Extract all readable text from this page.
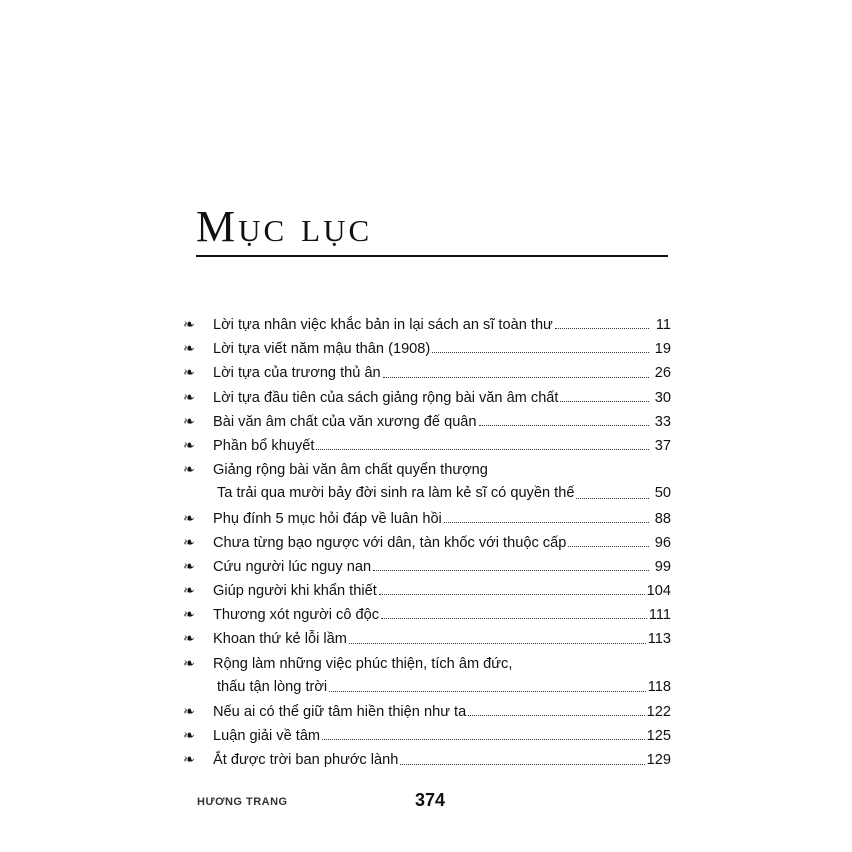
Mục lục
❧	Lời tựa nhân việc khắc bản in lại sách an sĩ toàn thư	11
❧	Lời tựa viết năm mậu thân (1908)	19
❧	Lời tựa của trương thủ ân	26
❧	Lời tựa đầu tiên của sách giảng rộng bài văn âm chất	30
❧	Bài văn âm chất của văn xương đế quân	33
❧	Phần bổ khuyết	37
❧	Giảng rộng bài văn âm chất quyển thượng
Ta trải qua mười bảy đời sinh ra làm kẻ sĩ có quyền thế	50
❧	Phụ đính 5 mục hỏi đáp về luân hồi	88
❧	Chưa từng bạo ngược với dân, tàn khốc với thuộc cấp	96
❧	Cứu người lúc nguy nan	99
❧	Giúp người khi khẩn thiết	104
❧	Thương xót người cô độc	111
❧	Khoan thứ kẻ lỗi lầm	113
❧	Rộng làm những việc phúc thiện, tích âm đức,
thấu tận lòng trời	118
❧	Nếu ai có thể giữ tâm hiền thiện như ta	122
❧	Luận giải về tâm	125
❧	Ắt được trời ban phước lành	129
HƯƠNG TRANG	374
